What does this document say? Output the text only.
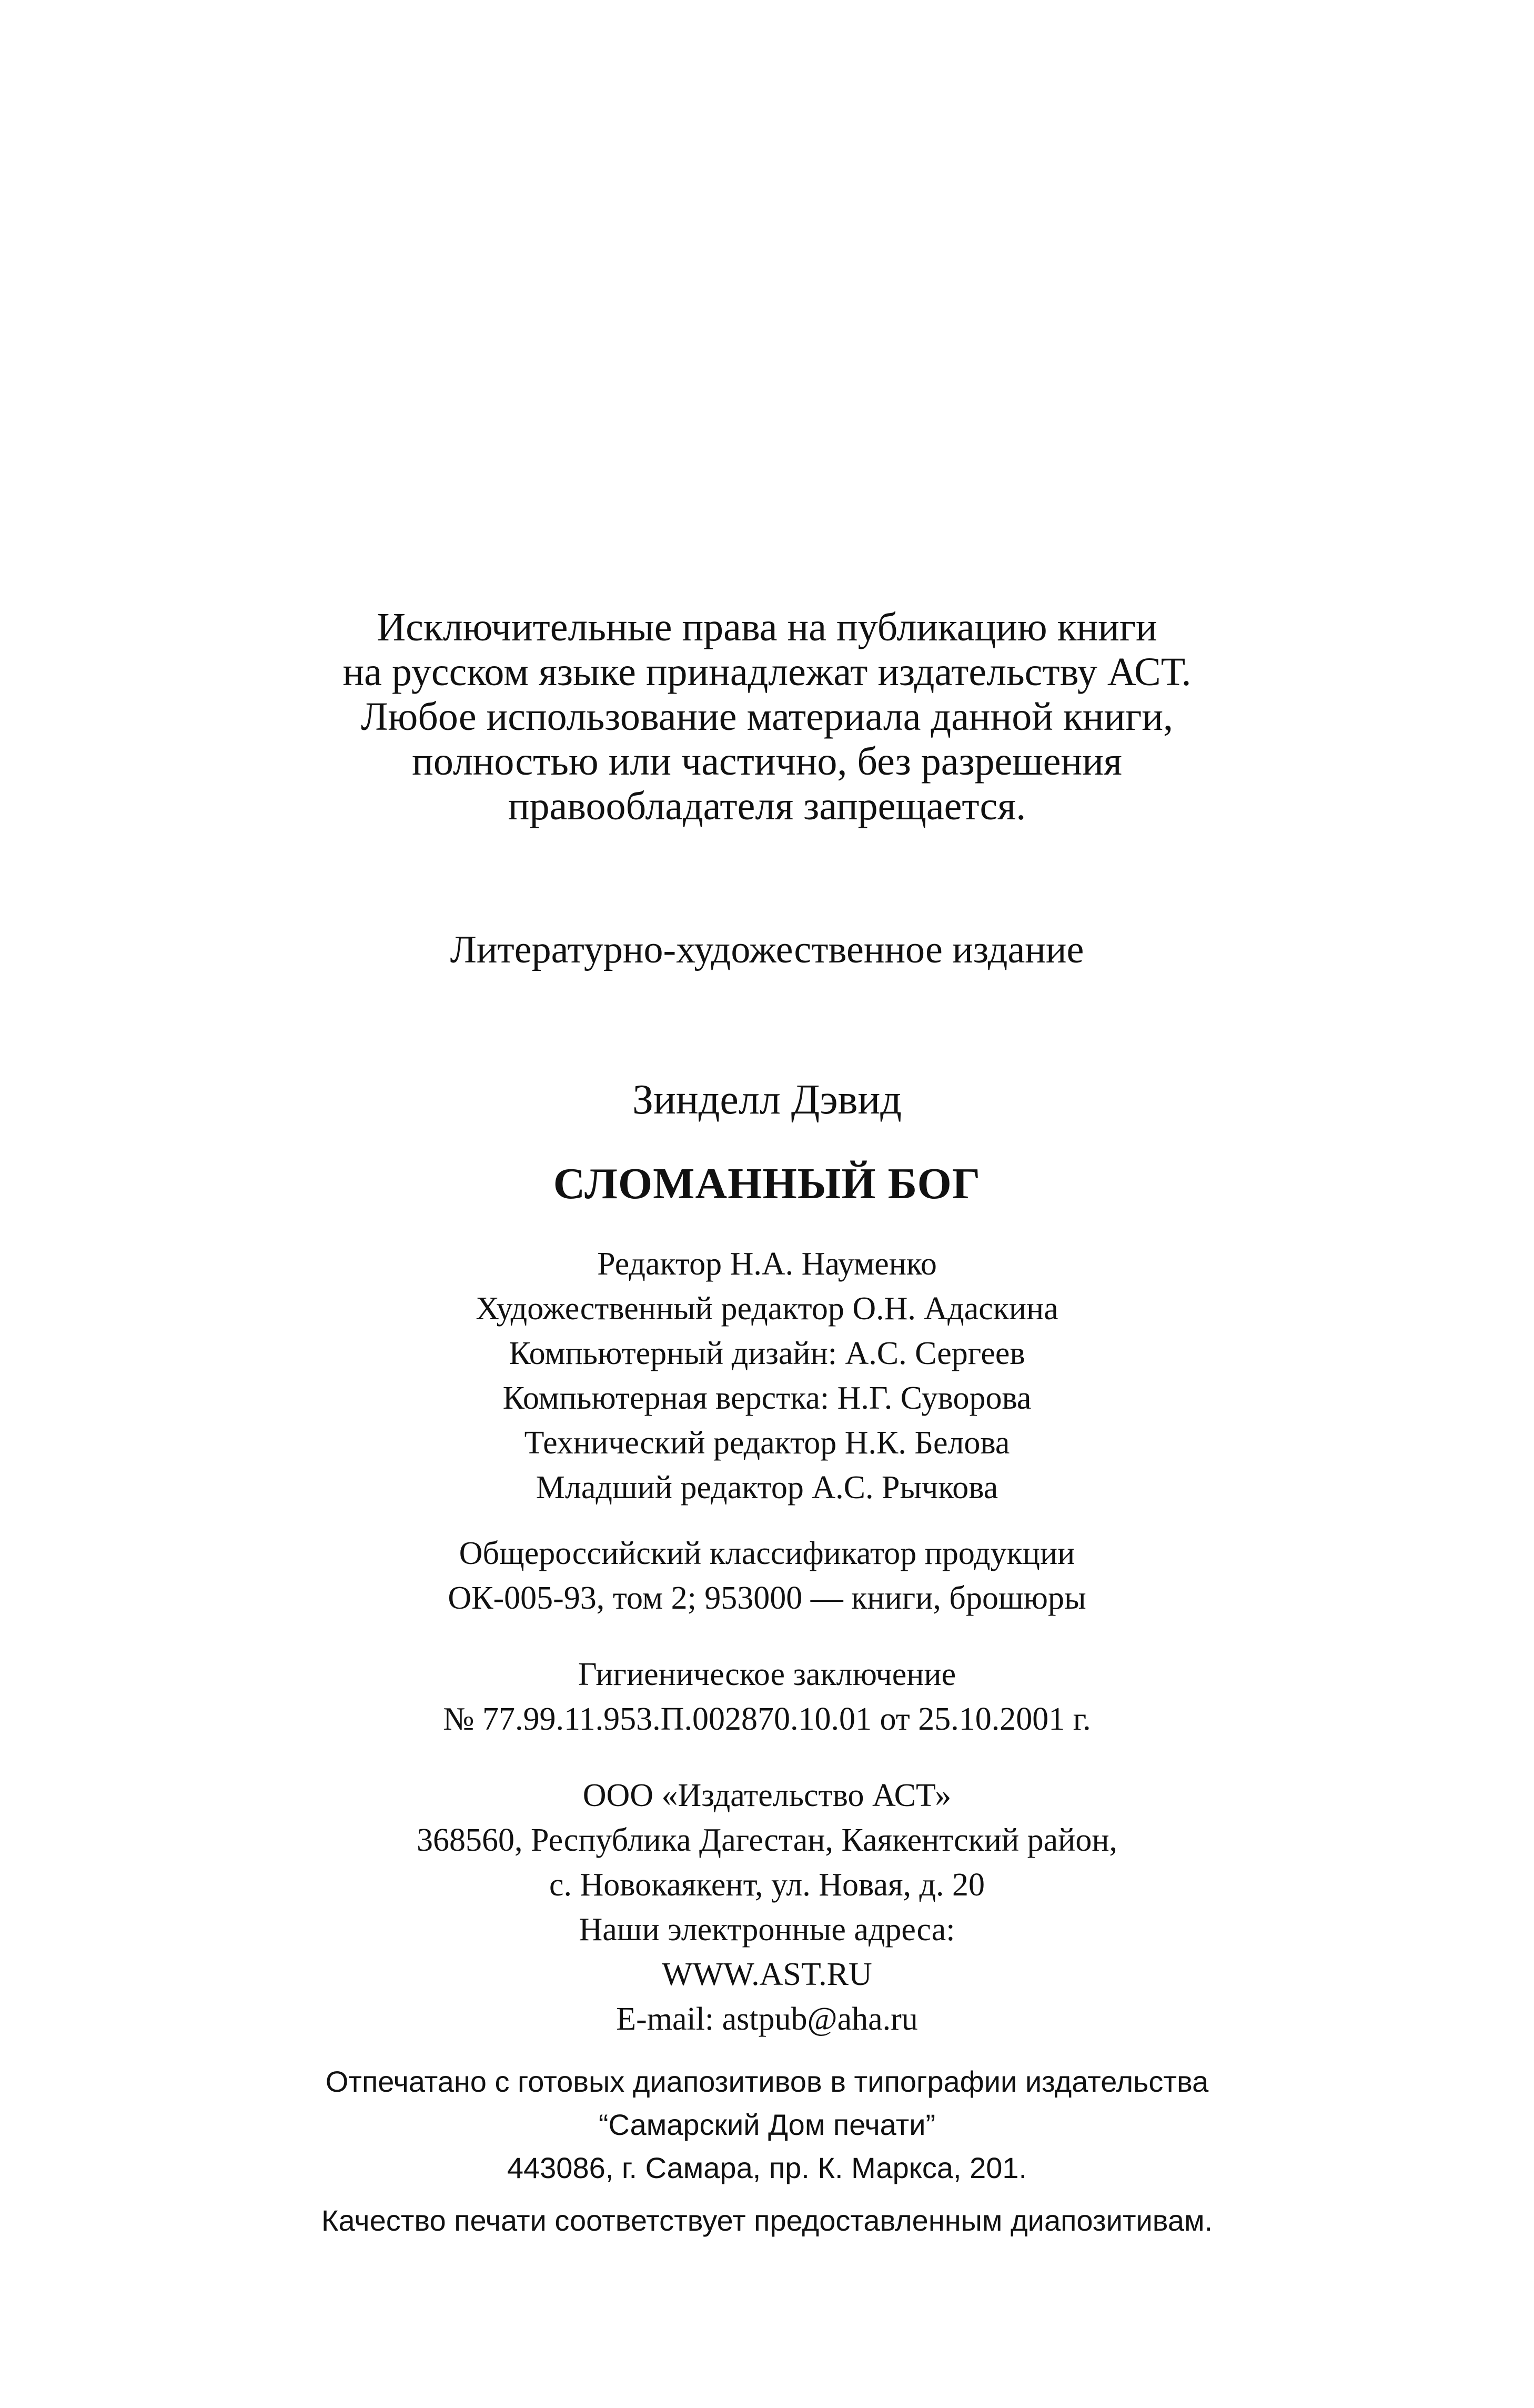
Исключительные права на публикацию книги
на русском языке принадлежат издательству АСТ.
Любое использование материала данной книги,
полностью или частично, без разрешения
правообладателя запрещается.
Литературно-художественное издание
Зинделл Дэвид
СЛОМАННЫЙ БОГ
Редактор Н.А. Науменко
Художественный редактор О.Н. Адаскина
Компьютерный дизайн: А.С. Сергеев
Компьютерная верстка: Н.Г. Суворова
Технический редактор Н.К. Белова
Младший редактор А.С. Рычкова
Общероссийский классификатор продукции
ОК-005-93, том 2; 953000 — книги, брошюры
Гигиеническое заключение
№ 77.99.11.953.П.002870.10.01 от 25.10.2001 г.
ООО «Издательство АСТ»
368560, Республика Дагестан, Каякентский район,
с. Новокаякент, ул. Новая, д. 20
Наши электронные адреса:
WWW.AST.RU
E-mail: astpub@aha.ru
Отпечатано с готовых диапозитивов в типографии издательства
“Самарский Дом печати”
443086, г. Самара, пр. К. Маркса, 201.
Качество печати соответствует предоставленным диапозитивам.
